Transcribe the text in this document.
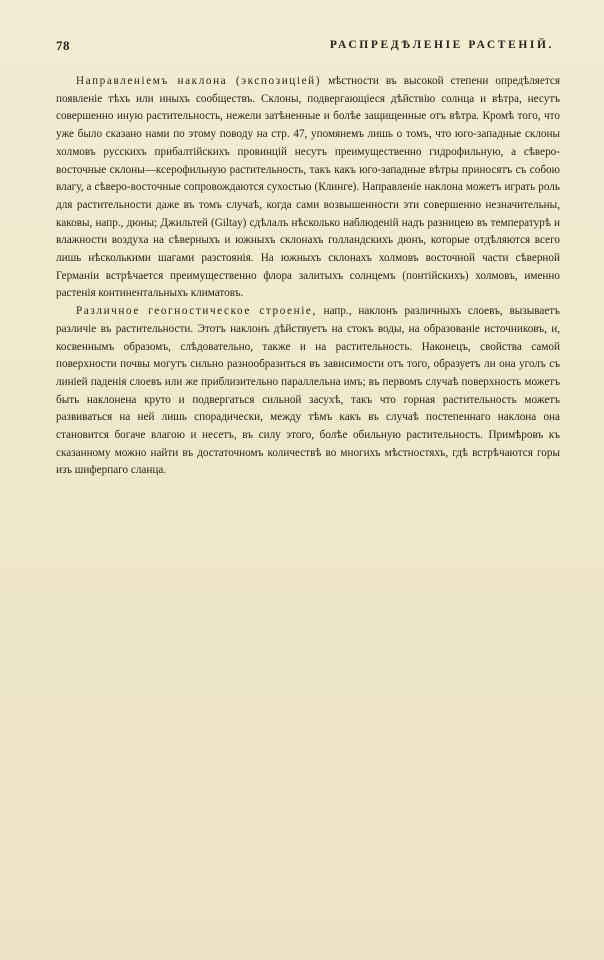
78	РАСПРЕДѢЛЕНІЕ РАСТЕНІЙ.

Направленіемъ наклона (экспозиціей) мѣстности въ высокой степени опредѣляется появленіе тѣхъ или иныхъ сообществъ. Склоны, подвергающіеся дѣйствію солнца и вѣтра, несутъ совершенно иную растительность, нежели затѣненные и болѣе защищенные отъ вѣтра. Кромѣ того, что уже было сказано нами по этому поводу на стр. 47, упомянемъ лишь о томъ, что юго-западные склоны холмовъ русскихъ прибалтійскихъ провинцій несутъ преимущественно гидрофильную, а сѣверо-восточные склоны—ксерофильную растительность, такъ какъ юго-западные вѣтры приносятъ съ собою влагу, а сѣверо-восточные сопровождаются сухостью (Клинге). Направленіе наклона можетъ играть роль для растительности даже въ томъ случаѣ, когда сами возвышенности эти совершенно незначительны, каковы, напр., дюны; Джильтей (Giltay) сдѣлалъ нѣсколько наблюденій надъ разницею въ температурѣ и влажности воздуха на сѣверныхъ и южныхъ склонахъ голландскихъ дюнъ, которые отдѣляются всего лишь нѣсколькими шагами разстоянія. На южныхъ склонахъ холмовъ восточной части сѣверной Германіи встрѣчается преимущественно флора залитыхъ солнцемъ (понтійскихъ) холмовъ, именно растенія континентальныхъ климатовъ.

Различное геогностическое строеніе, напр., наклонъ различныхъ слоевъ, вызываетъ различіе въ растительности. Этотъ наклонъ дѣйствуетъ на стокъ воды, на образованіе источниковъ, и, косвеннымъ образомъ, слѣдовательно, также и на растительность. Наконецъ, свойства самой поверхности почвы могутъ сильно разнообразиться въ зависимости отъ того, образуетъ ли она уголъ съ линіей паденія слоевъ или же приблизительно параллельна имъ; въ первомъ случаѣ поверхность можетъ быть наклонена круто и подвергаться сильной засухѣ, такъ что горная растительность можетъ развиваться на ней лишь спорадически, между тѣмъ какъ въ случаѣ постепеннаго наклона она становится богаче влагою и несетъ, въ силу этого, болѣе обильную растительность. Примѣровъ къ сказанному можно найти въ достаточномъ количествѣ во многихъ мѣстностяхъ, гдѣ встрѣчаются горы изъ шиферпаго сланца.
